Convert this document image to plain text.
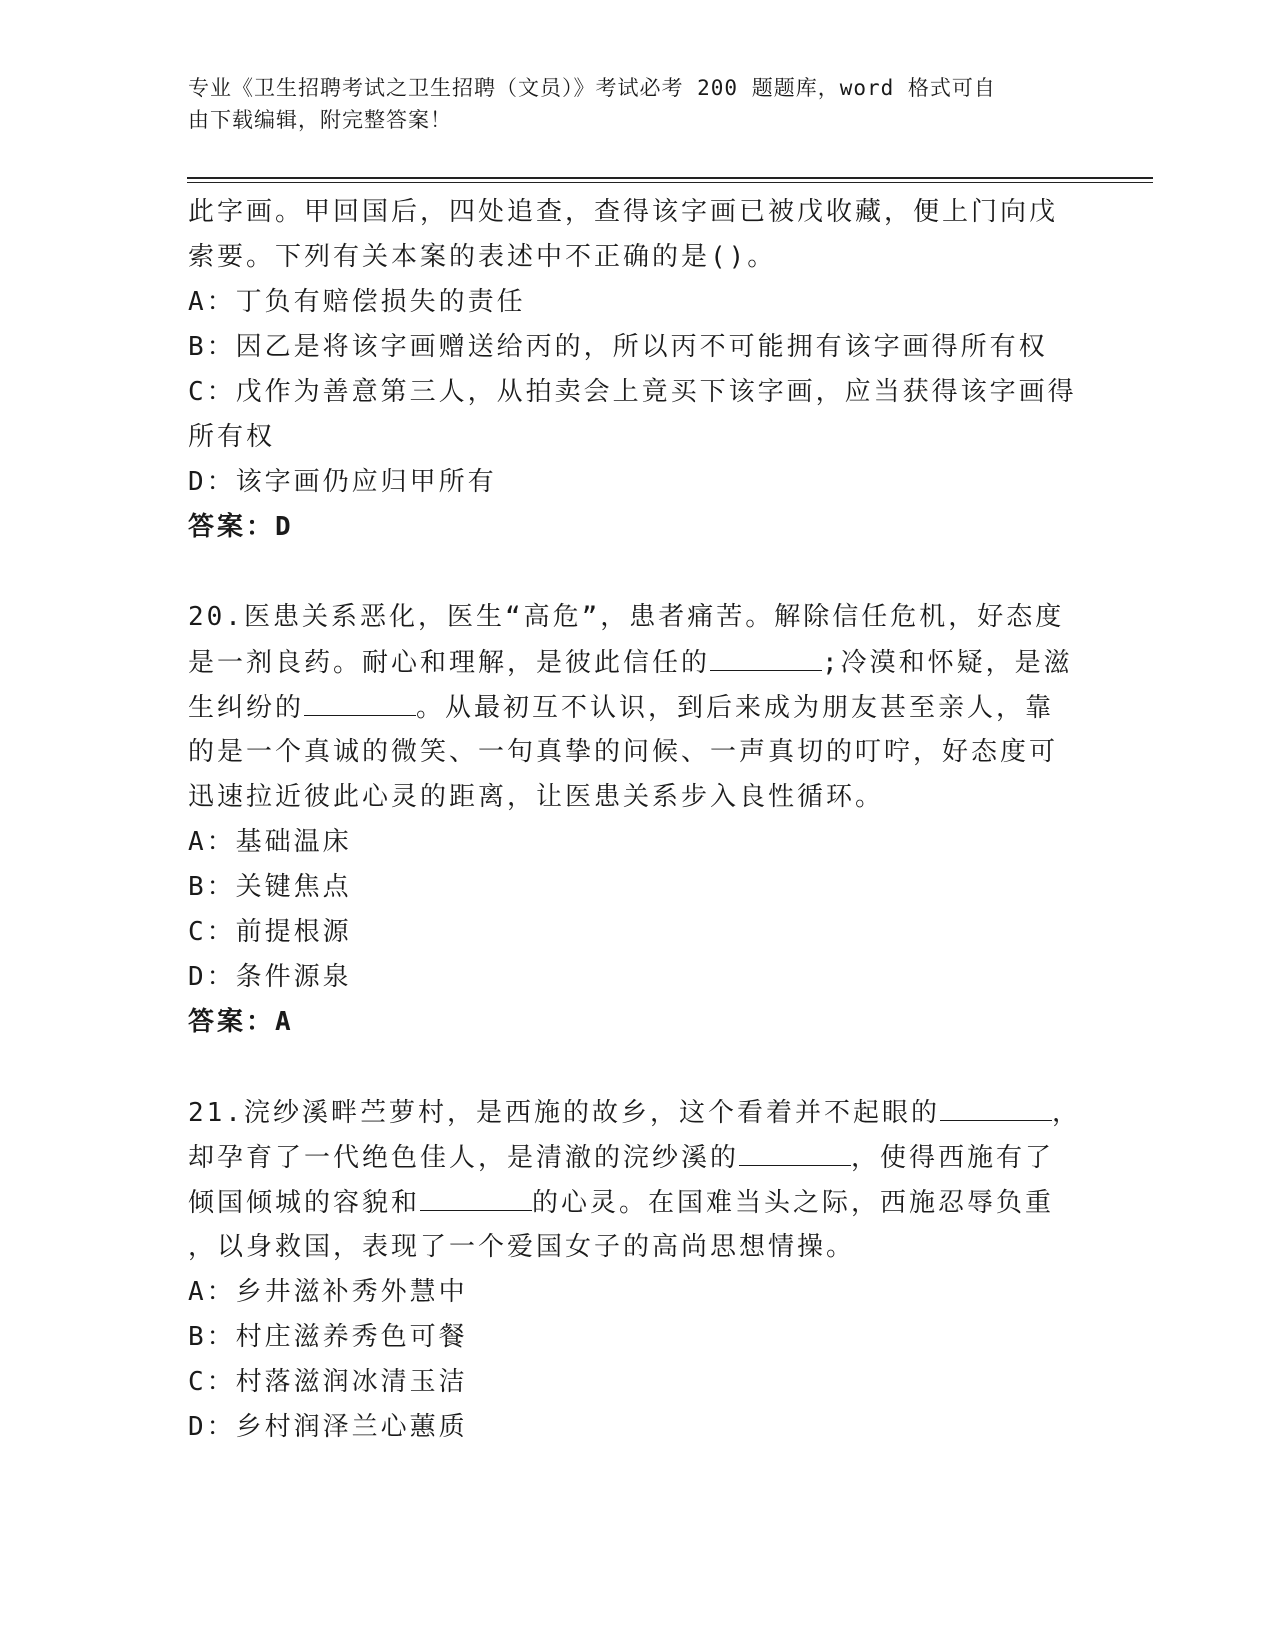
专业《卫生招聘考试之卫生招聘（文员）》考试必考 200 题题库，word 格式可自
由下载编辑，附完整答案！
此字画。甲回国后，四处追查，查得该字画已被戊收藏，便上门向戊
索要。下列有关本案的表述中不正确的是()。
A：丁负有赔偿损失的责任
B：因乙是将该字画赠送给丙的，所以丙不可能拥有该字画得所有权
C：戊作为善意第三人，从拍卖会上竟买下该字画，应当获得该字画得
所有权
D：该字画仍应归甲所有
答案：D
20.医患关系恶化，医生“高危”，患者痛苦。解除信任危机，好态度
是一剂良药。耐心和理解，是彼此信任的	;冷漠和怀疑，是滋
生纠纷的	。从最初互不认识，到后来成为朋友甚至亲人，靠
的是一个真诚的微笑、一句真挚的问候、一声真切的叮咛，好态度可
迅速拉近彼此心灵的距离，让医患关系步入良性循环。
A：基础温床
B：关键焦点
C：前提根源
D：条件源泉
答案：A
21.浣纱溪畔苎萝村，是西施的故乡，这个看着并不起眼的	，
却孕育了一代绝色佳人，是清澈的浣纱溪的	，使得西施有了
倾国倾城的容貌和	的心灵。在国难当头之际，西施忍辱负重
，以身救国，表现了一个爱国女子的高尚思想情操。
A：乡井滋补秀外慧中
B：村庄滋养秀色可餐
C：村落滋润冰清玉洁
D：乡村润泽兰心蕙质
